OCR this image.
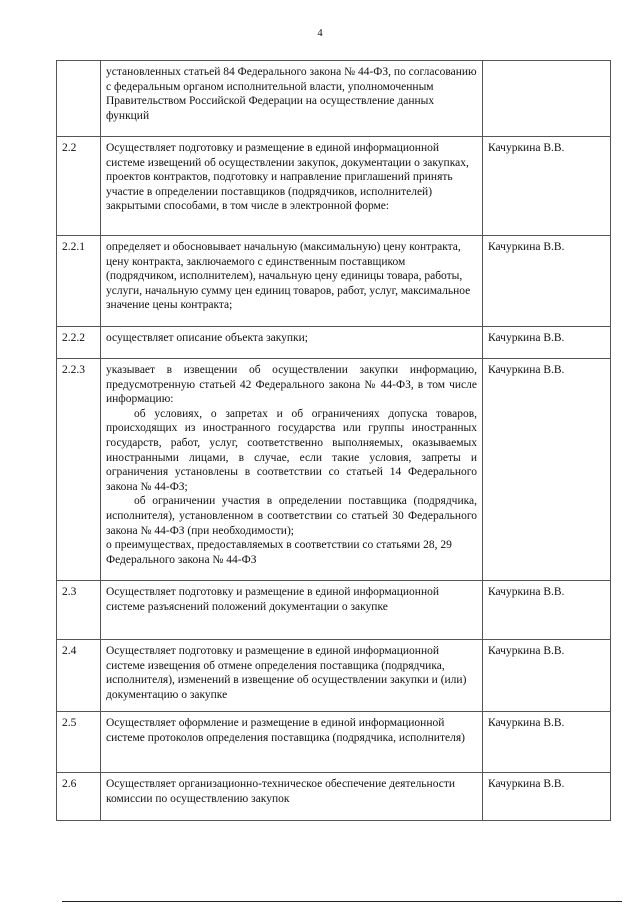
4

	установленных статьей 84 Федерального закона № 44-ФЗ, по согласованию с федеральным органом исполнительной власти, уполномоченным Правительством Российской Федерации на осуществление данных функций	

2.2	Осуществляет подготовку и размещение в единой информационной системе извещений об осуществлении закупок, документации о закупках, проектов контрактов, подготовку и направление приглашений принять участие в определении поставщиков (подрядчиков, исполнителей) закрытыми способами, в том числе в электронной форме:	Качуркина В.В.
2.2.1	определяет и обосновывает начальную (максимальную) цену контракта, цену контракта, заключаемого с единственным поставщиком (подрядчиком, исполнителем), начальную цену единицы товара, работы, услуги, начальную сумму цен единиц товаров, работ, услуг, максимальное значение цены контракта;	Качуркина В.В.
2.2.2	осуществляет описание объекта закупки;	Качуркина В.В.
2.2.3	указывает в извещении об осуществлении закупки информацию, предусмотренную статьей 42 Федерального закона № 44-ФЗ, в том числе информацию:
об условиях, о запретах и об ограничениях допуска товаров, происходящих из иностранного государства или группы иностранных государств, работ, услуг, соответственно выполняемых, оказываемых иностранными лицами, в случае, если такие условия, запреты и ограничения установлены в соответствии со статьей 14 Федерального закона № 44-ФЗ;
об ограничении участия в определении поставщика (подрядчика, исполнителя), установленном в соответствии со статьей 30 Федерального закона № 44-ФЗ (при необходимости);
о преимуществах, предоставляемых в соответствии со статьями 28, 29 Федерального закона № 44-ФЗ	Качуркина В.В.
2.3	Осуществляет подготовку и размещение в единой информационной системе разъяснений положений документации о закупке	Качуркина В.В.
2.4	Осуществляет подготовку и размещение в единой информационной системе извещения об отмене определения поставщика (подрядчика, исполнителя), изменений в извещение об осуществлении закупки и (или) документацию о закупке	Качуркина В.В.
2.5	Осуществляет оформление и размещение в единой информационной системе протоколов определения поставщика (подрядчика, исполнителя)	Качуркина В.В.
2.6	Осуществляет организационно-техническое обеспечение деятельности комиссии по осуществлению закупок	Качуркина В.В.
